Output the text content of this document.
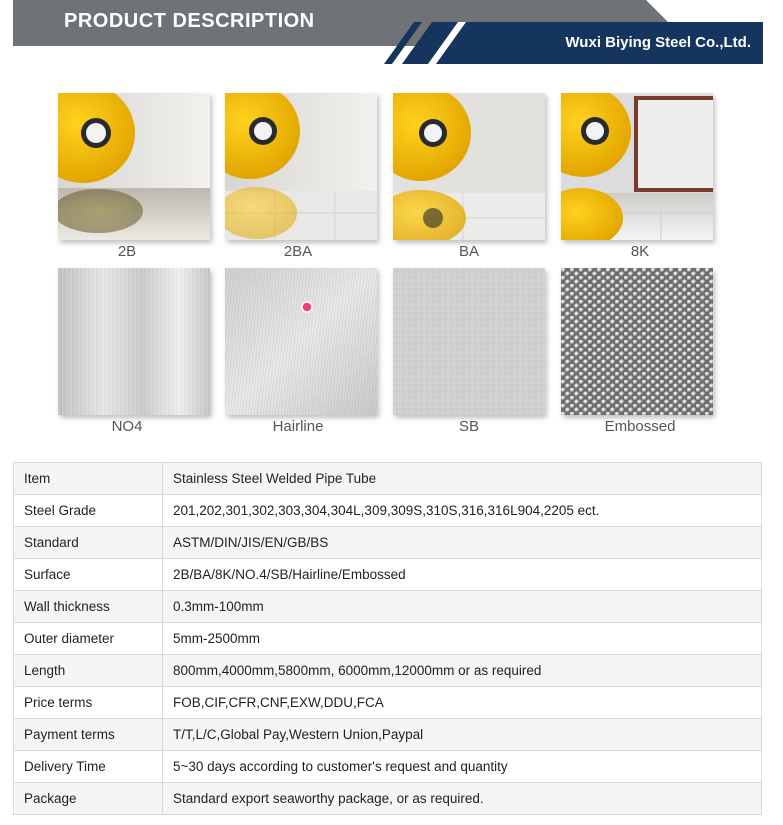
PRODUCT DESCRIPTION
Wuxi Biying Steel Co.,Ltd.
2B	2BA	BA	8K
NO4	Hairline	SB	Embossed
Item	Stainless Steel Welded Pipe Tube
Steel Grade	201,202,301,302,303,304,304L,309,309S,310S,316,316L904,2205 ect.
Standard	ASTM/DIN/JIS/EN/GB/BS
Surface	2B/BA/8K/NO.4/SB/Hairline/Embossed
Wall thickness	0.3mm-100mm
Outer diameter	5mm-2500mm
Length	800mm,4000mm,5800mm, 6000mm,12000mm or as required
Price terms	FOB,CIF,CFR,CNF,EXW,DDU,FCA
Payment terms	T/T,L/C,Global Pay,Western Union,Paypal
Delivery Time	5~30 days according to customer's request and quantity
Package	Standard export seaworthy package, or as required.
